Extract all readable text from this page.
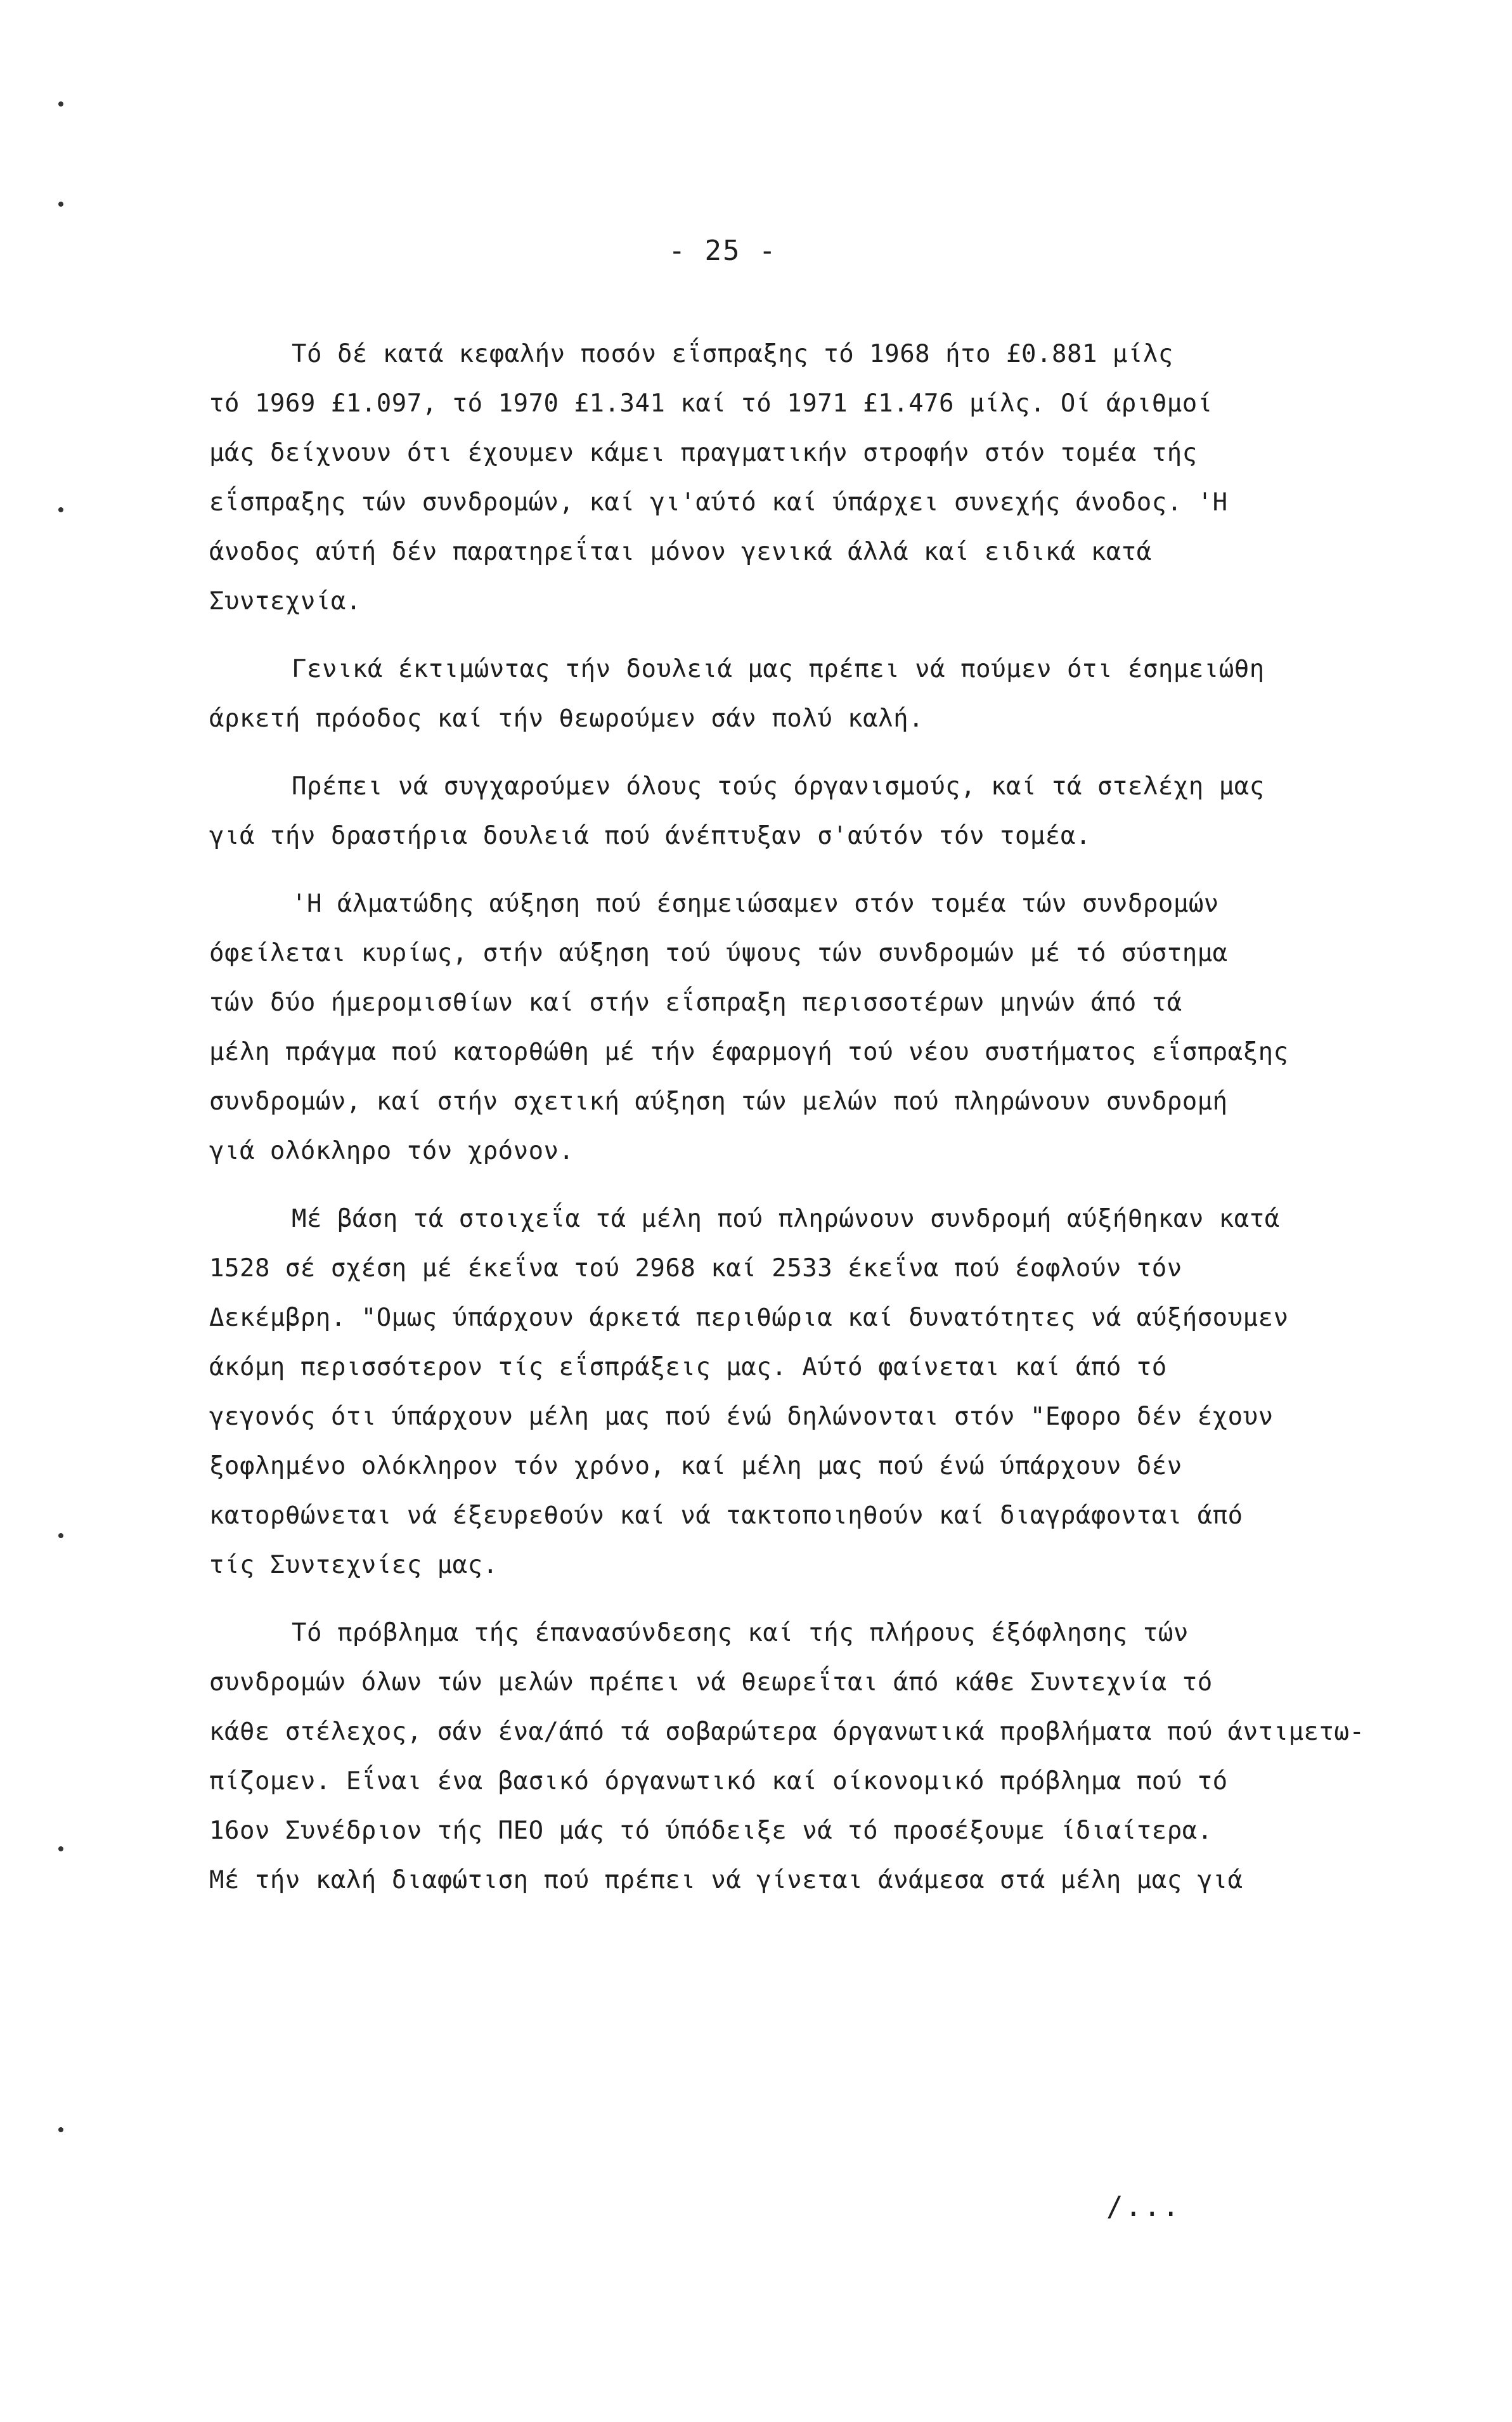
- 25 -
Τό δέ κατά κεφαλήν ποσόν εΐσπραξης τό 1968 ήτο £0.881 μίλς
τό 1969 £1.097, τό 1970 £1.341 καί τό 1971 £1.476 μίλς. Οί άριθμοί
μάς δείχνουν ότι έχουμεν κάμει πραγματικήν στροφήν στόν τομέα τής
εΐσπραξης τών συνδρομών, καί γι'αύτό καί ύπάρχει συνεχής άνοδος. 'Η
άνοδος αύτή δέν παρατηρεΐται μόνον γενικά άλλά καί ειδικά κατά
Συντεχνία.
Γενικά έκτιμώντας τήν δουλειά μας πρέπει νά πούμεν ότι έσημειώθη
άρκετή πρόοδος καί τήν θεωρούμεν σάν πολύ καλή.
Πρέπει νά συγχαρούμεν όλους τούς όργανισμούς, καί τά στελέχη μας
γιά τήν δραστήρια δουλειά πού άνέπτυξαν σ'αύτόν τόν τομέα.
'Η άλματώδης αύξηση πού έσημειώσαμεν στόν τομέα τών συνδρομών
όφείλεται κυρίως, στήν αύξηση τού ύψους τών συνδρομών μέ τό σύστημα
τών δύο ήμερομισθίων καί στήν εΐσπραξη περισσοτέρων μηνών άπό τά
μέλη πράγμα πού κατορθώθη μέ τήν έφαρμογή τού νέου συστήματος εΐσπραξης
συνδρομών, καί στήν σχετική αύξηση τών μελών πού πληρώνουν συνδρομή
γιά ολόκληρο τόν χρόνον.
Μέ βάση τά στοιχεΐα τά μέλη πού πληρώνουν συνδρομή αύξήθηκαν κατά
1528 σέ σχέση μέ έκεΐνα τού 2968 καί 2533 έκεΐνα πού έοφλούν τόν
Δεκέμβρη. "Ομως ύπάρχουν άρκετά περιθώρια καί δυνατότητες νά αύξήσουμεν
άκόμη περισσότερον τίς εΐσπράξεις μας. Αύτό φαίνεται καί άπό τό
γεγονός ότι ύπάρχουν μέλη μας πού ένώ δηλώνονται στόν "Εφορο δέν έχουν
ξοφλημένο ολόκληρον τόν χρόνο, καί μέλη μας πού ένώ ύπάρχουν δέν
κατορθώνεται νά έξευρεθούν καί νά τακτοποιηθούν καί διαγράφονται άπό
τίς Συντεχνίες μας.
Τό πρόβλημα τής έπανασύνδεσης καί τής πλήρους έξόφλησης τών
συνδρομών όλων τών μελών πρέπει νά θεωρεΐται άπό κάθε Συντεχνία τό
κάθε στέλεχος, σάν ένα/άπό τά σοβαρώτερα όργανωτικά προβλήματα πού άντιμετω-
πίζομεν. Εΐναι ένα βασικό όργανωτικό καί οίκονομικό πρόβλημα πού τό
16ον Συνέδριον τής ΠΕΟ μάς τό ύπόδειξε νά τό προσέξουμε ίδιαίτερα.
Μέ τήν καλή διαφώτιση πού πρέπει νά γίνεται άνάμεσα στά μέλη μας γιά
/...
